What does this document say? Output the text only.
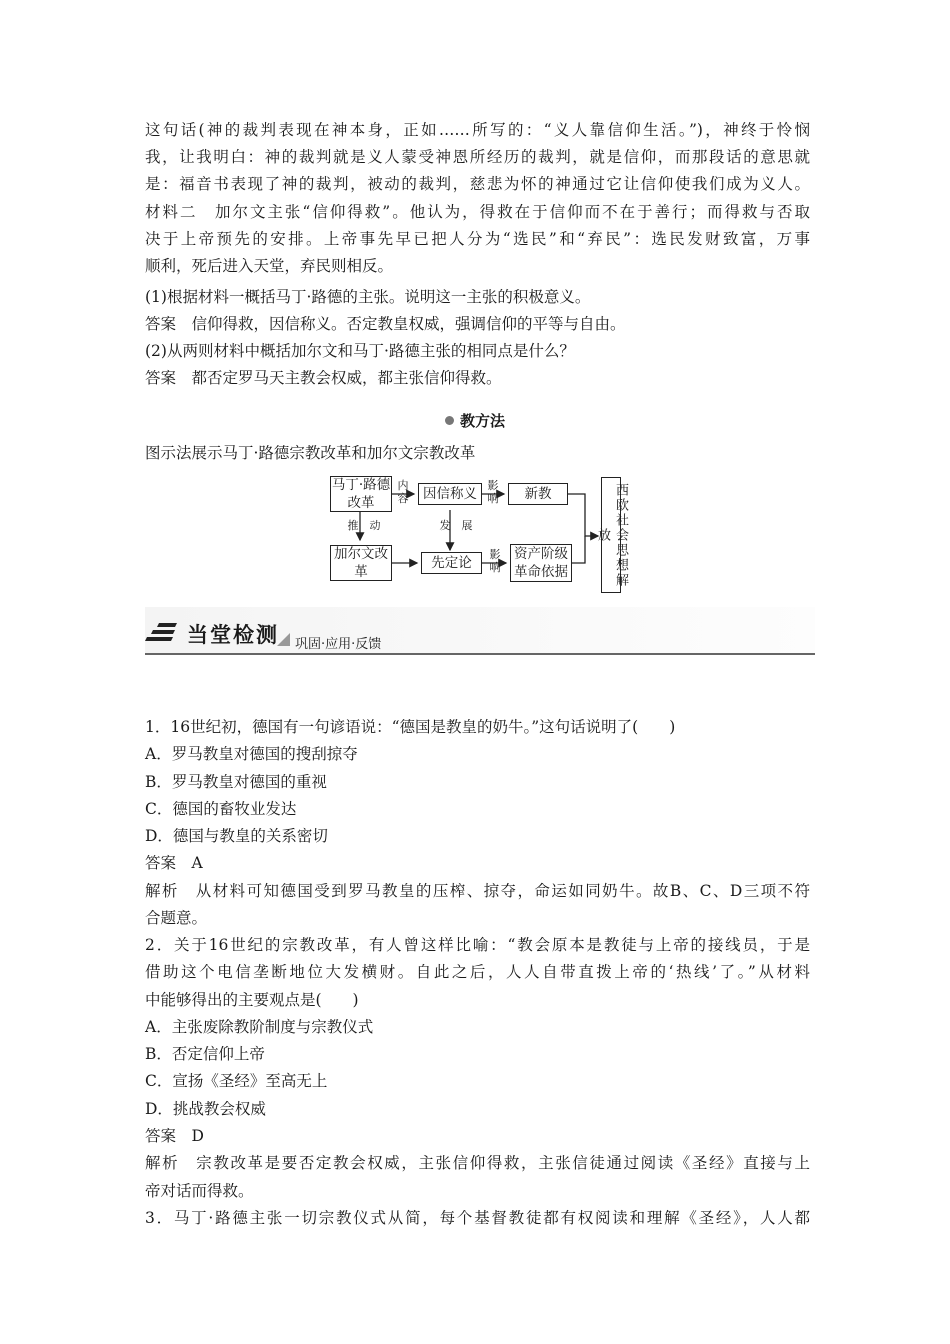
这句话(神的裁判表现在神本身，正如……所写的：“义人靠信仰生活。”)，神终于怜悯
我，让我明白：神的裁判就是义人蒙受神恩所经历的裁判，就是信仰，而那段话的意思就
是：福音书表现了神的裁判，被动的裁判，慈悲为怀的神通过它让信仰使我们成为义人。
材料二　加尔文主张“信仰得救”。他认为，得救在于信仰而不在于善行；而得救与否取
决于上帝预先的安排。上帝事先早已把人分为“选民”和“弃民”：选民发财致富，万事
顺利，死后进入天堂，弃民则相反。
(1)根据材料一概括马丁·路德的主张。说明这一主张的积极意义。
答案　信仰得救，因信称义。否定教皇权威，强调信仰的平等与自由。
(2)从两则材料中概括加尔文和马丁·路德主张的相同点是什么？
答案　都否定罗马天主教会权威，都主张信仰得救。
教方法
图示法展示马丁·路德宗教改革和加尔文宗教改革
马丁·路德改革
因信称义	新教
加尔文改革
先定论
资产阶级革命依据	西欧社会思想解放
内容
影响
推　动	发　展
影响
当堂检测 巩固·应用·反馈
1．16世纪初，德国有一句谚语说：“德国是教皇的奶牛。”这句话说明了(　　)
A．罗马教皇对德国的搜刮掠夺
B．罗马教皇对德国的重视
C．德国的畜牧业发达
D．德国与教皇的关系密切
答案　A
解析　从材料可知德国受到罗马教皇的压榨、掠夺，命运如同奶牛。故B、C、D三项不符
合题意。
2．关于16世纪的宗教改革，有人曾这样比喻：“教会原本是教徒与上帝的接线员，于是
借助这个电信垄断地位大发横财。自此之后，人人自带直拨上帝的‘热线’了。”从材料
中能够得出的主要观点是(　　)
A．主张废除教阶制度与宗教仪式
B．否定信仰上帝
C．宣扬《圣经》至高无上
D．挑战教会权威
答案　D
解析　宗教改革是要否定教会权威，主张信仰得救，主张信徒通过阅读《圣经》直接与上
帝对话而得救。
3．马丁·路德主张一切宗教仪式从简，每个基督教徒都有权阅读和理解《圣经》，人人都
